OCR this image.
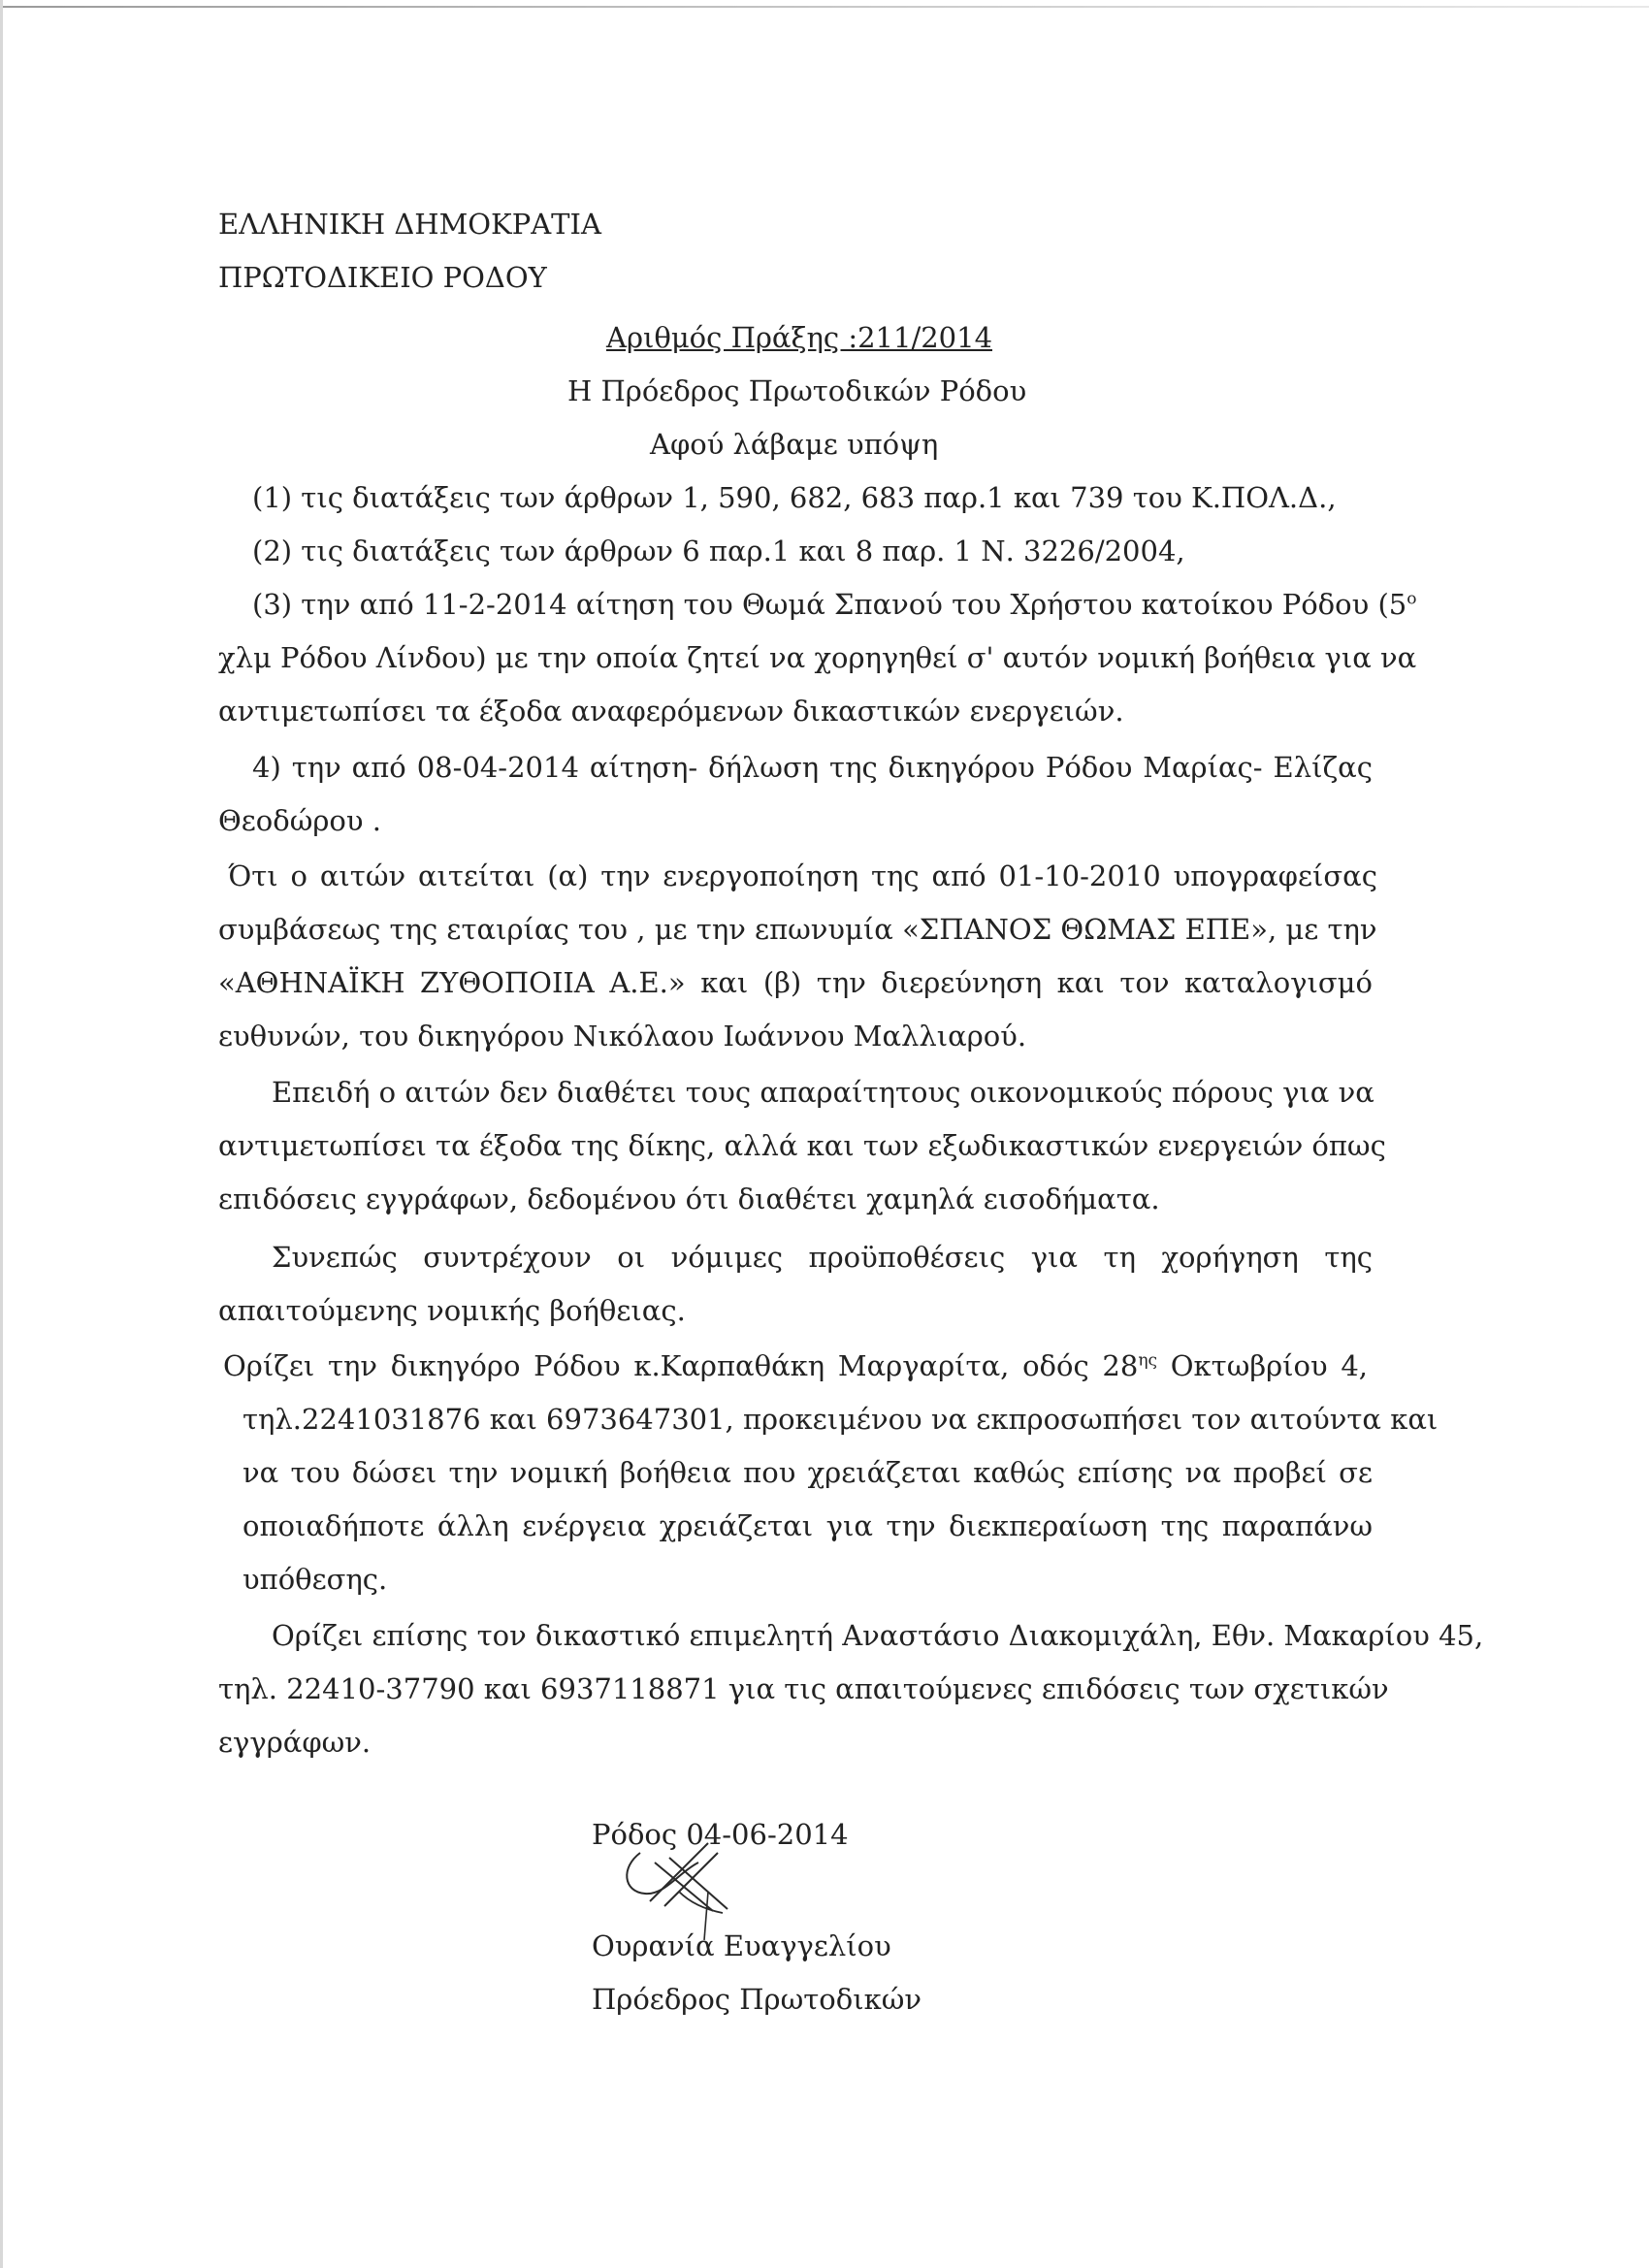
ΕΛΛΗΝΙΚΗ ΔΗΜΟΚΡΑΤΙΑ
ΠΡΩΤΟΔΙΚΕΙΟ ΡΟΔΟΥ
Αριθμός Πράξης :211/2014
Η Πρόεδρος Πρωτοδικών Ρόδου
Αφού λάβαμε υπόψη
(1) τις διατάξεις των άρθρων 1, 590, 682, 683 παρ.1 και 739 του Κ.ΠΟΛ.Δ.,
(2) τις διατάξεις των άρθρων 6 παρ.1 και 8 παρ. 1 Ν. 3226/2004,
(3) την από 11-2-2014 αίτηση του Θωμά Σπανού του Χρήστου κατοίκου Ρόδου ($5^o$
χλμ Ρόδου Λίνδου) με την οποία ζητεί να χορηγηθεί σ' αυτόν νομική βοήθεια για να
αντιμετωπίσει τα έξοδα αναφερόμενων δικαστικών ενεργειών.
4) την από 08-04-2014 αίτηση- δήλωση της δικηγόρου Ρόδου Μαρίας- Ελίζας
Θεοδώρου .
Ότι ο αιτών αιτείται (α) την ενεργοποίηση της από 01-10-2010 υπογραφείσας
συμβάσεως της εταιρίας του , με την επωνυμία «ΣΠΑΝΟΣ ΘΩΜΑΣ ΕΠΕ», με την
«ΑΘΗΝΑΪΚΗ ΖΥΘΟΠΟΙΙΑ Α.Ε.» και (β) την διερεύνηση και τον καταλογισμό
ευθυνών, του δικηγόρου Νικόλαου Ιωάννου Μαλλιαρού.
Επειδή ο αιτών δεν διαθέτει τους απαραίτητους οικονομικούς πόρους για να
αντιμετωπίσει τα έξοδα της δίκης, αλλά και των εξωδικαστικών ενεργειών όπως
επιδόσεις εγγράφων, δεδομένου ότι διαθέτει χαμηλά εισοδήματα.
Συνεπώς συντρέχουν οι νόμιμες προϋποθέσεις για τη χορήγηση της
απαιτούμενης νομικής βοήθειας.
Ορίζει την δικηγόρο Ρόδου κ.Καρπαθάκη Μαργαρίτα, οδός $28^{\eta\varsigma}$ Οκτωβρίου 4,
τηλ.2241031876 και 6973647301, προκειμένου να εκπροσωπήσει τον αιτούντα και
να του δώσει την νομική βοήθεια που χρειάζεται καθώς επίσης να προβεί σε
οποιαδήποτε άλλη ενέργεια χρειάζεται για την διεκπεραίωση της παραπάνω
υπόθεσης.
Ορίζει επίσης τον δικαστικό επιμελητή Αναστάσιο Διακομιχάλη, Εθν. Μακαρίου 45,
τηλ. 22410-37790 και 6937118871 για τις απαιτούμενες επιδόσεις των σχετικών
εγγράφων.
Ρόδος 04-06-2014
Ουρανία Ευαγγελίου
Πρόεδρος Πρωτοδικών
